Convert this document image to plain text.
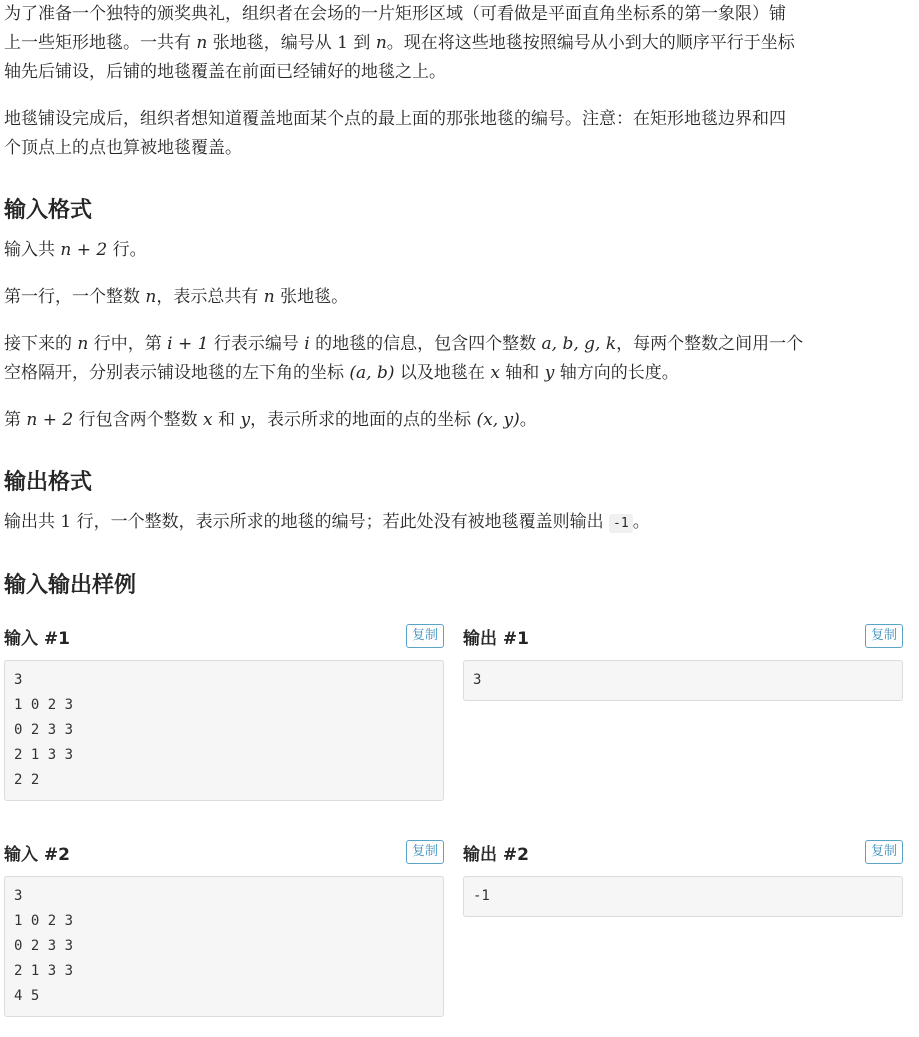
为了准备一个独特的颁奖典礼，组织者在会场的一片矩形区域（可看做是平面直角坐标系的第一象限）铺

上一些矩形地毯。一共有 n 张地毯，编号从 1 到 n。现在将这些地毯按照编号从小到大的顺序平行于坐标

轴先后铺设，后铺的地毯覆盖在前面已经铺好的地毯之上。

地毯铺设完成后，组织者想知道覆盖地面某个点的最上面的那张地毯的编号。注意：在矩形地毯边界和四

个顶点上的点也算被地毯覆盖。

输入格式

输入共 n + 2 行。

第一行，一个整数 n，表示总共有 n 张地毯。

接下来的 n 行中，第 i + 1 行表示编号 i 的地毯的信息，包含四个整数 a, b, g, k，每两个整数之间用一个

空格隔开，分别表示铺设地毯的左下角的坐标 (a, b) 以及地毯在 x 轴和 y 轴方向的长度。

第 n + 2 行包含两个整数 x 和 y，表示所求的地面的点的坐标 (x, y)。

输出格式

输出共 1 行，一个整数，表示所求的地毯的编号；若此处没有被地毯覆盖则输出 -1 。

输入输出样例
输入 #1	复制
3
1 0 2 3
0 2 3 3
2 1 3 3
2 2
输出 #1	复制
3
输入 #2	复制
3
1 0 2 3
0 2 3 3
2 1 3 3
4 5
输出 #2	复制
-1
